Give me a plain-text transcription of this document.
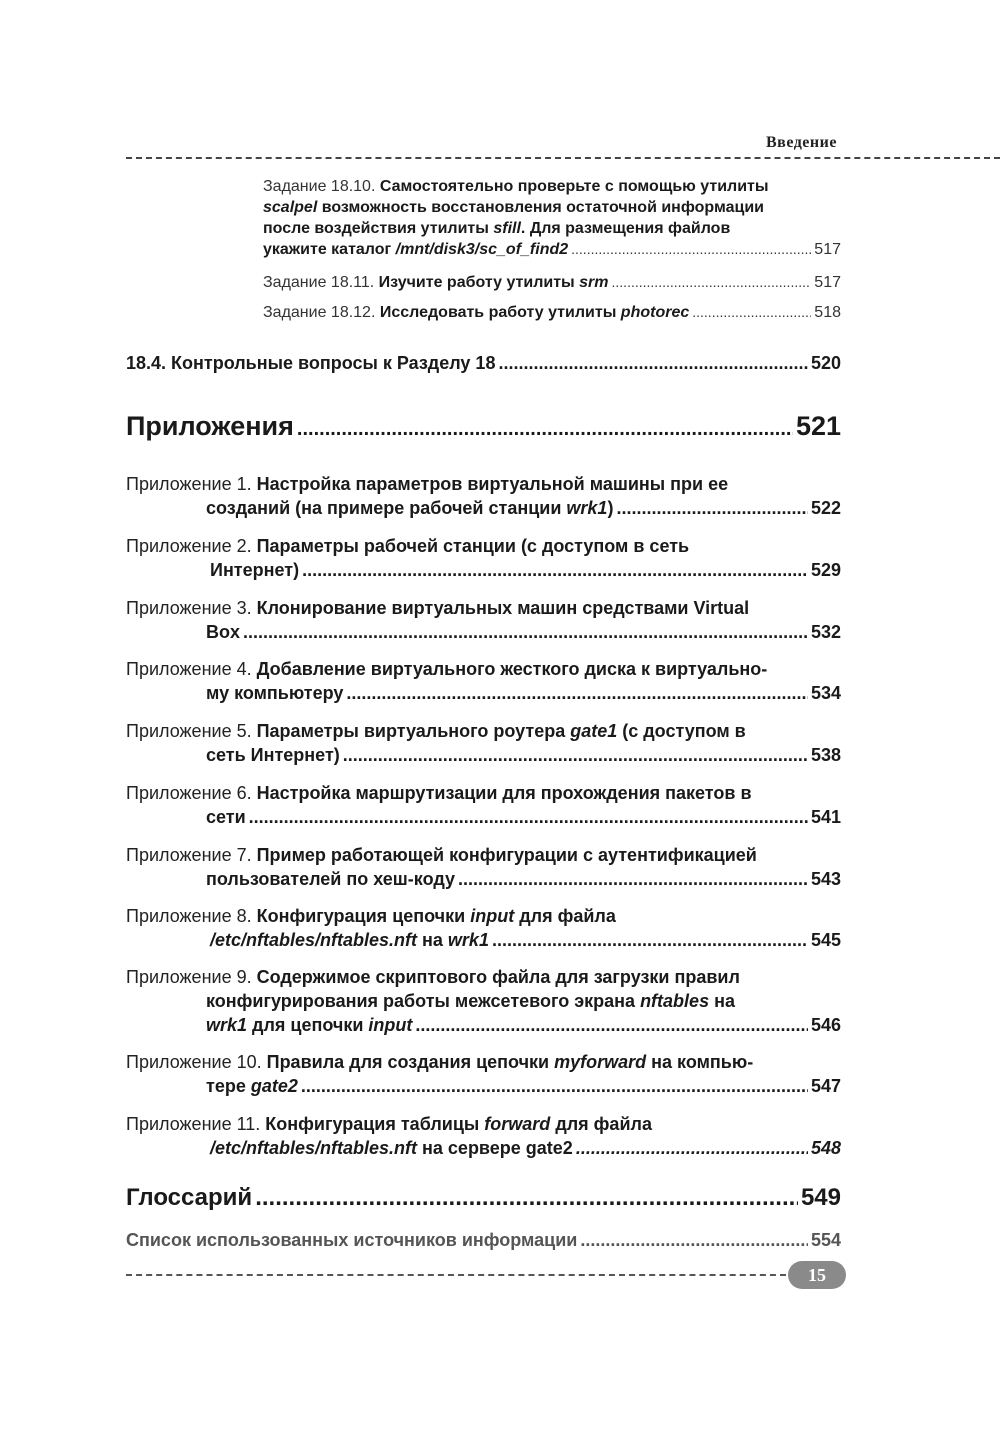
Введение
Задание 18.10.
Самостоятельно проверьте с помощью утилиты
scalpel возможность восстановления остаточной информации
после воздействия утилиты sfill . Для размещения файлов
укажите каталог /mnt/disk3/sc_of_find2 .....	517
Задание 18.11.
Изучите работу утилиты srm .....	517
Задание 18.12.
Исследовать работу утилиты photorec .....	518
18.4. Контрольные вопросы к Разделу 18 .....	520
Приложения .....	521
Приложение 1.
Настройка параметров виртуальной машины при ее
созданий (на примере рабочей станции wrk1 ) .....	522
Приложение 2.
Параметры рабочей станции (с доступом в сеть
Интернет) .....	529
Приложение 3.
Клонирование виртуальных машин средствами Virtual
Box .....	532
Приложение 4.
Добавление виртуального жесткого диска к виртуально-
му компьютеру .....	534
Приложение 5.
Параметры виртуального роутера gate1 (с доступом в
сеть Интернет) .....	538
Приложение 6.
Настройка маршрутизации для прохождения пакетов в
сети .....	541
Приложение 7.
Пример работающей конфигурации с аутентификацией
пользователей по хеш-коду .....	543
Приложение 8.
Конфигурация цепочки input для файла
/etc/nftables/nftables.nft на wrk1 .....	545
Приложение 9.
Содержимое скриптового файла для загрузки правил
конфигурирования работы межсетевого экрана nftables на
wrk1 для цепочки input .....	546
Приложение 10.
Правила для создания цепочки myforward на компью-
тере gate2 .....	547
Приложение 11.
Конфигурация таблицы forward для файла
/etc/nftables/nftables.nft на сервере gate2 .....	548
Глоссарий .....	549
Список использованных источников информации .....	554
15
